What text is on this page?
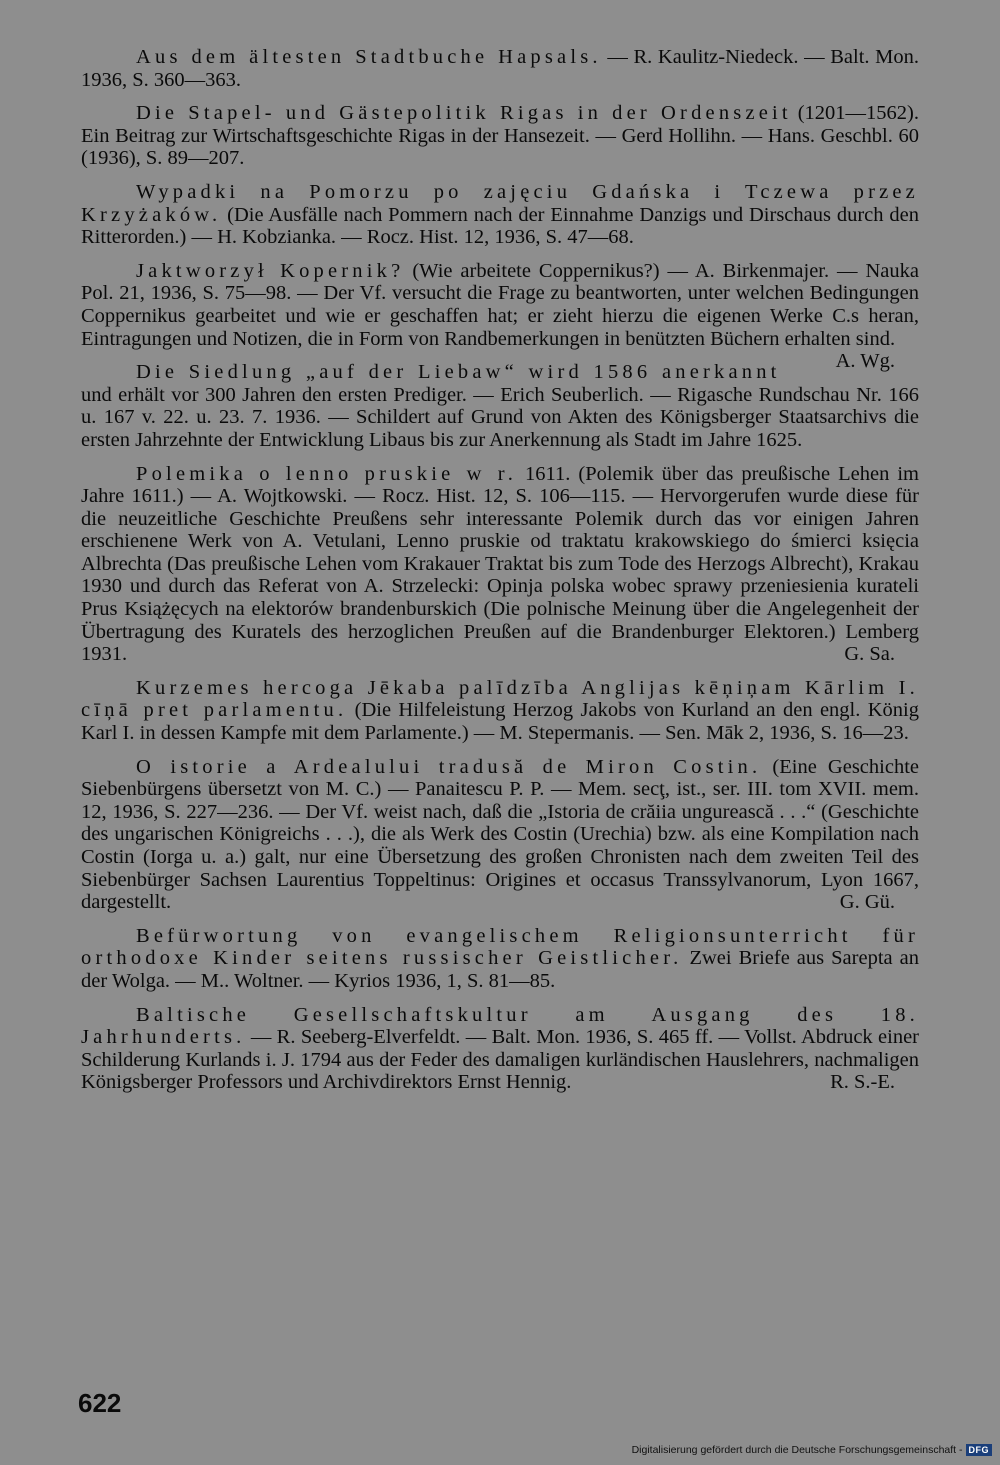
Aus dem ältesten Stadtbuche Hapsals. — R. Kaulitz-Niedeck. — Balt. Mon. 1936, S. 360—363.

Die Stapel- und Gästepolitik Rigas in der Ordenszeit (1201—1562). Ein Beitrag zur Wirtschaftsgeschichte Rigas in der Hansezeit. — Gerd Hollihn. — Hans. Geschbl. 60 (1936), S. 89—207.

Wypadki na Pomorzu po zajęciu Gdańska i Tczewa przez Krzyżaków. (Die Ausfälle nach Pommern nach der Einnahme Danzigs und Dirschaus durch den Ritterorden.) — H. Kobzianka. — Rocz. Hist. 12, 1936, S. 47—68.

Jaktworzył Kopernik? (Wie arbeitete Coppernikus?) — A. Birkenmajer. — Nauka Pol. 21, 1936, S. 75—98. — Der Vf. versucht die Frage zu beantworten, unter welchen Bedingungen Coppernikus gearbeitet und wie er geschaffen hat; er zieht hierzu die eigenen Werke C.s heran, Eintragungen und Notizen, die in Form von Randbemerkungen in benützten Büchern erhalten sind.
A. Wg.

Die Siedlung „auf der Liebaw“ wird 1586 anerkannt und erhält vor 300 Jahren den ersten Prediger. — Erich Seuberlich. — Rigasche Rundschau Nr. 166 u. 167 v. 22. u. 23. 7. 1936. — Schildert auf Grund von Akten des Königsberger Staatsarchivs die ersten Jahrzehnte der Entwicklung Libaus bis zur Anerkennung als Stadt im Jahre 1625.

Polemika o lenno pruskie w r. 1611. (Polemik über das preußische Lehen im Jahre 1611.) — A. Wojtkowski. — Rocz. Hist. 12, S. 106—115. — Hervorgerufen wurde diese für die neuzeitliche Geschichte Preußens sehr interessante Polemik durch das vor einigen Jahren erschienene Werk von A. Vetulani, Lenno pruskie od traktatu krakowskiego do śmierci księcia Albrechta (Das preußische Lehen vom Krakauer Traktat bis zum Tode des Herzogs Albrecht), Krakau 1930 und durch das Referat von A. Strzelecki: Opinja polska wobec sprawy przeniesienia kurateli Prus Książęcych na elektorów brandenburskich (Die polnische Meinung über die Angelegenheit der Übertragung des Kuratels des herzoglichen Preußen auf die Brandenburger Elektoren.) Lemberg 1931.	G. Sa.

Kurzemes hercoga Jēkaba palīdzība Anglijas kēņiņam Kārlim I. cīņā pret parlamentu. (Die Hilfeleistung Herzog Jakobs von Kurland an den engl. König Karl I. in dessen Kampfe mit dem Parlamente.) — M. Stepermanis. — Sen. Māk 2, 1936, S. 16—23.

O istorie a Ardealului tradusă de Miron Costin. (Eine Geschichte Siebenbürgens übersetzt von M. C.) — Panaitescu P. P. — Mem. secţ, ist., ser. III. tom XVII. mem. 12, 1936, S. 227—236. — Der Vf. weist nach, daß die „Istoria de crăiia ungurească . . .“ (Geschichte des ungarischen Königreichs . . .), die als Werk des Costin (Urechia) bzw. als eine Kompilation nach Costin (Iorga u. a.) galt, nur eine Übersetzung des großen Chronisten nach dem zweiten Teil des Siebenbürger Sachsen Laurentius Toppeltinus: Origines et occasus Transsylvanorum, Lyon 1667, dargestellt.	G. Gü.

Befürwortung von evangelischem Religionsunterricht für orthodoxe Kinder seitens russischer Geistlicher. Zwei Briefe aus Sarepta an der Wolga. — M.. Woltner. — Kyrios 1936, 1, S. 81—85.

Baltische Gesellschaftskultur am Ausgang des 18. Jahrhunderts. — R. Seeberg-Elverfeldt. — Balt. Mon. 1936, S. 465 ff. — Vollst. Abdruck einer Schilderung Kurlands i. J. 1794 aus der Feder des damaligen kurländischen Hauslehrers, nachmaligen Königsberger Professors und Archivdirektors Ernst Hennig.	R. S.-E.

622
Digitalisierung gefördert durch die Deutsche Forschungsgemeinschaft - DFG
